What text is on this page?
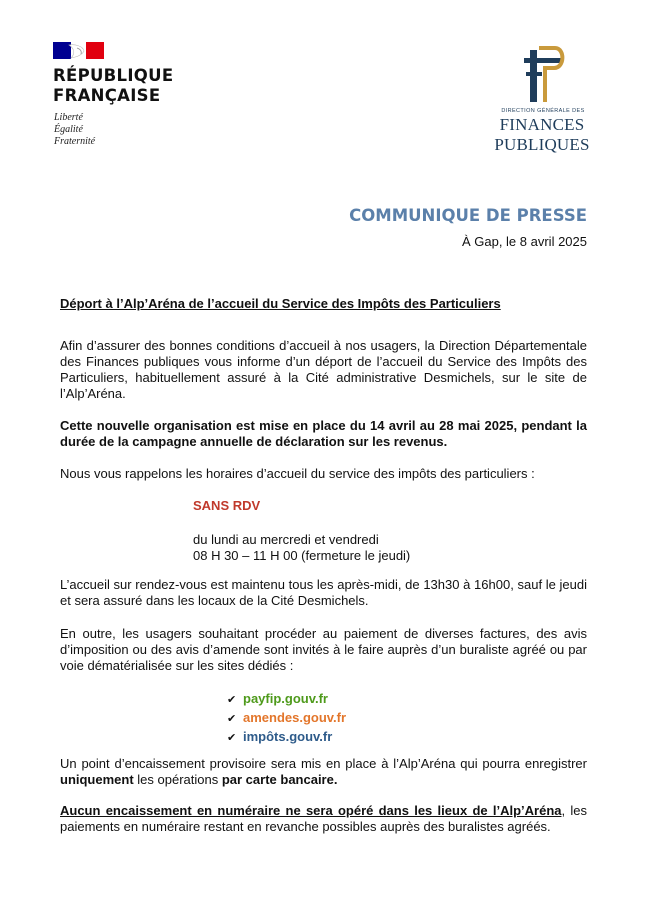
RÉPUBLIQUE
FRANÇAISE
Liberté
Égalité
Fraternité
DIRECTION GÉNÉRALE DES
FINANCES PUBLIQUES
COMMUNIQUE DE PRESSE
À Gap, le 8 avril 2025
Déport à l’Alp’Aréna de l’accueil du Service des Impôts des Particuliers
Afin d’assurer des bonnes conditions d’accueil à nos usagers, la Direction Départementale des Finances publiques vous informe d’un déport de l’accueil du Service des Impôts des Particuliers, habituellement assuré à la Cité administrative Desmichels, sur le site de l’Alp’Aréna.
Cette nouvelle organisation est mise en place du 14 avril au 28 mai 2025, pendant la durée de la campagne annuelle de déclaration sur les revenus.
Nous vous rappelons les horaires d’accueil du service des impôts des particuliers :
SANS RDV
du lundi au mercredi et vendredi
08 H 30 – 11 H 00 (fermeture le jeudi)
L’accueil sur rendez-vous est maintenu tous les après-midi, de 13h30 à 16h00, sauf le jeudi et sera assuré dans les locaux de la Cité Desmichels.
En outre, les usagers souhaitant procéder au paiement de diverses factures, des avis d’imposition ou des avis d’amende sont invités à le faire auprès d’un buraliste agréé ou par voie dématérialisée sur les sites dédiés :
✔ payfip.gouv.fr
✔ amendes.gouv.fr
✔ impôts.gouv.fr
Un point d’encaissement provisoire sera mis en place à l’Alp’Aréna qui pourra enregistrer uniquement les opérations par carte bancaire.
Aucun encaissement en numéraire ne sera opéré dans les lieux de l’Alp’Aréna, les paiements en numéraire restant en revanche possibles auprès des buralistes agréés.
